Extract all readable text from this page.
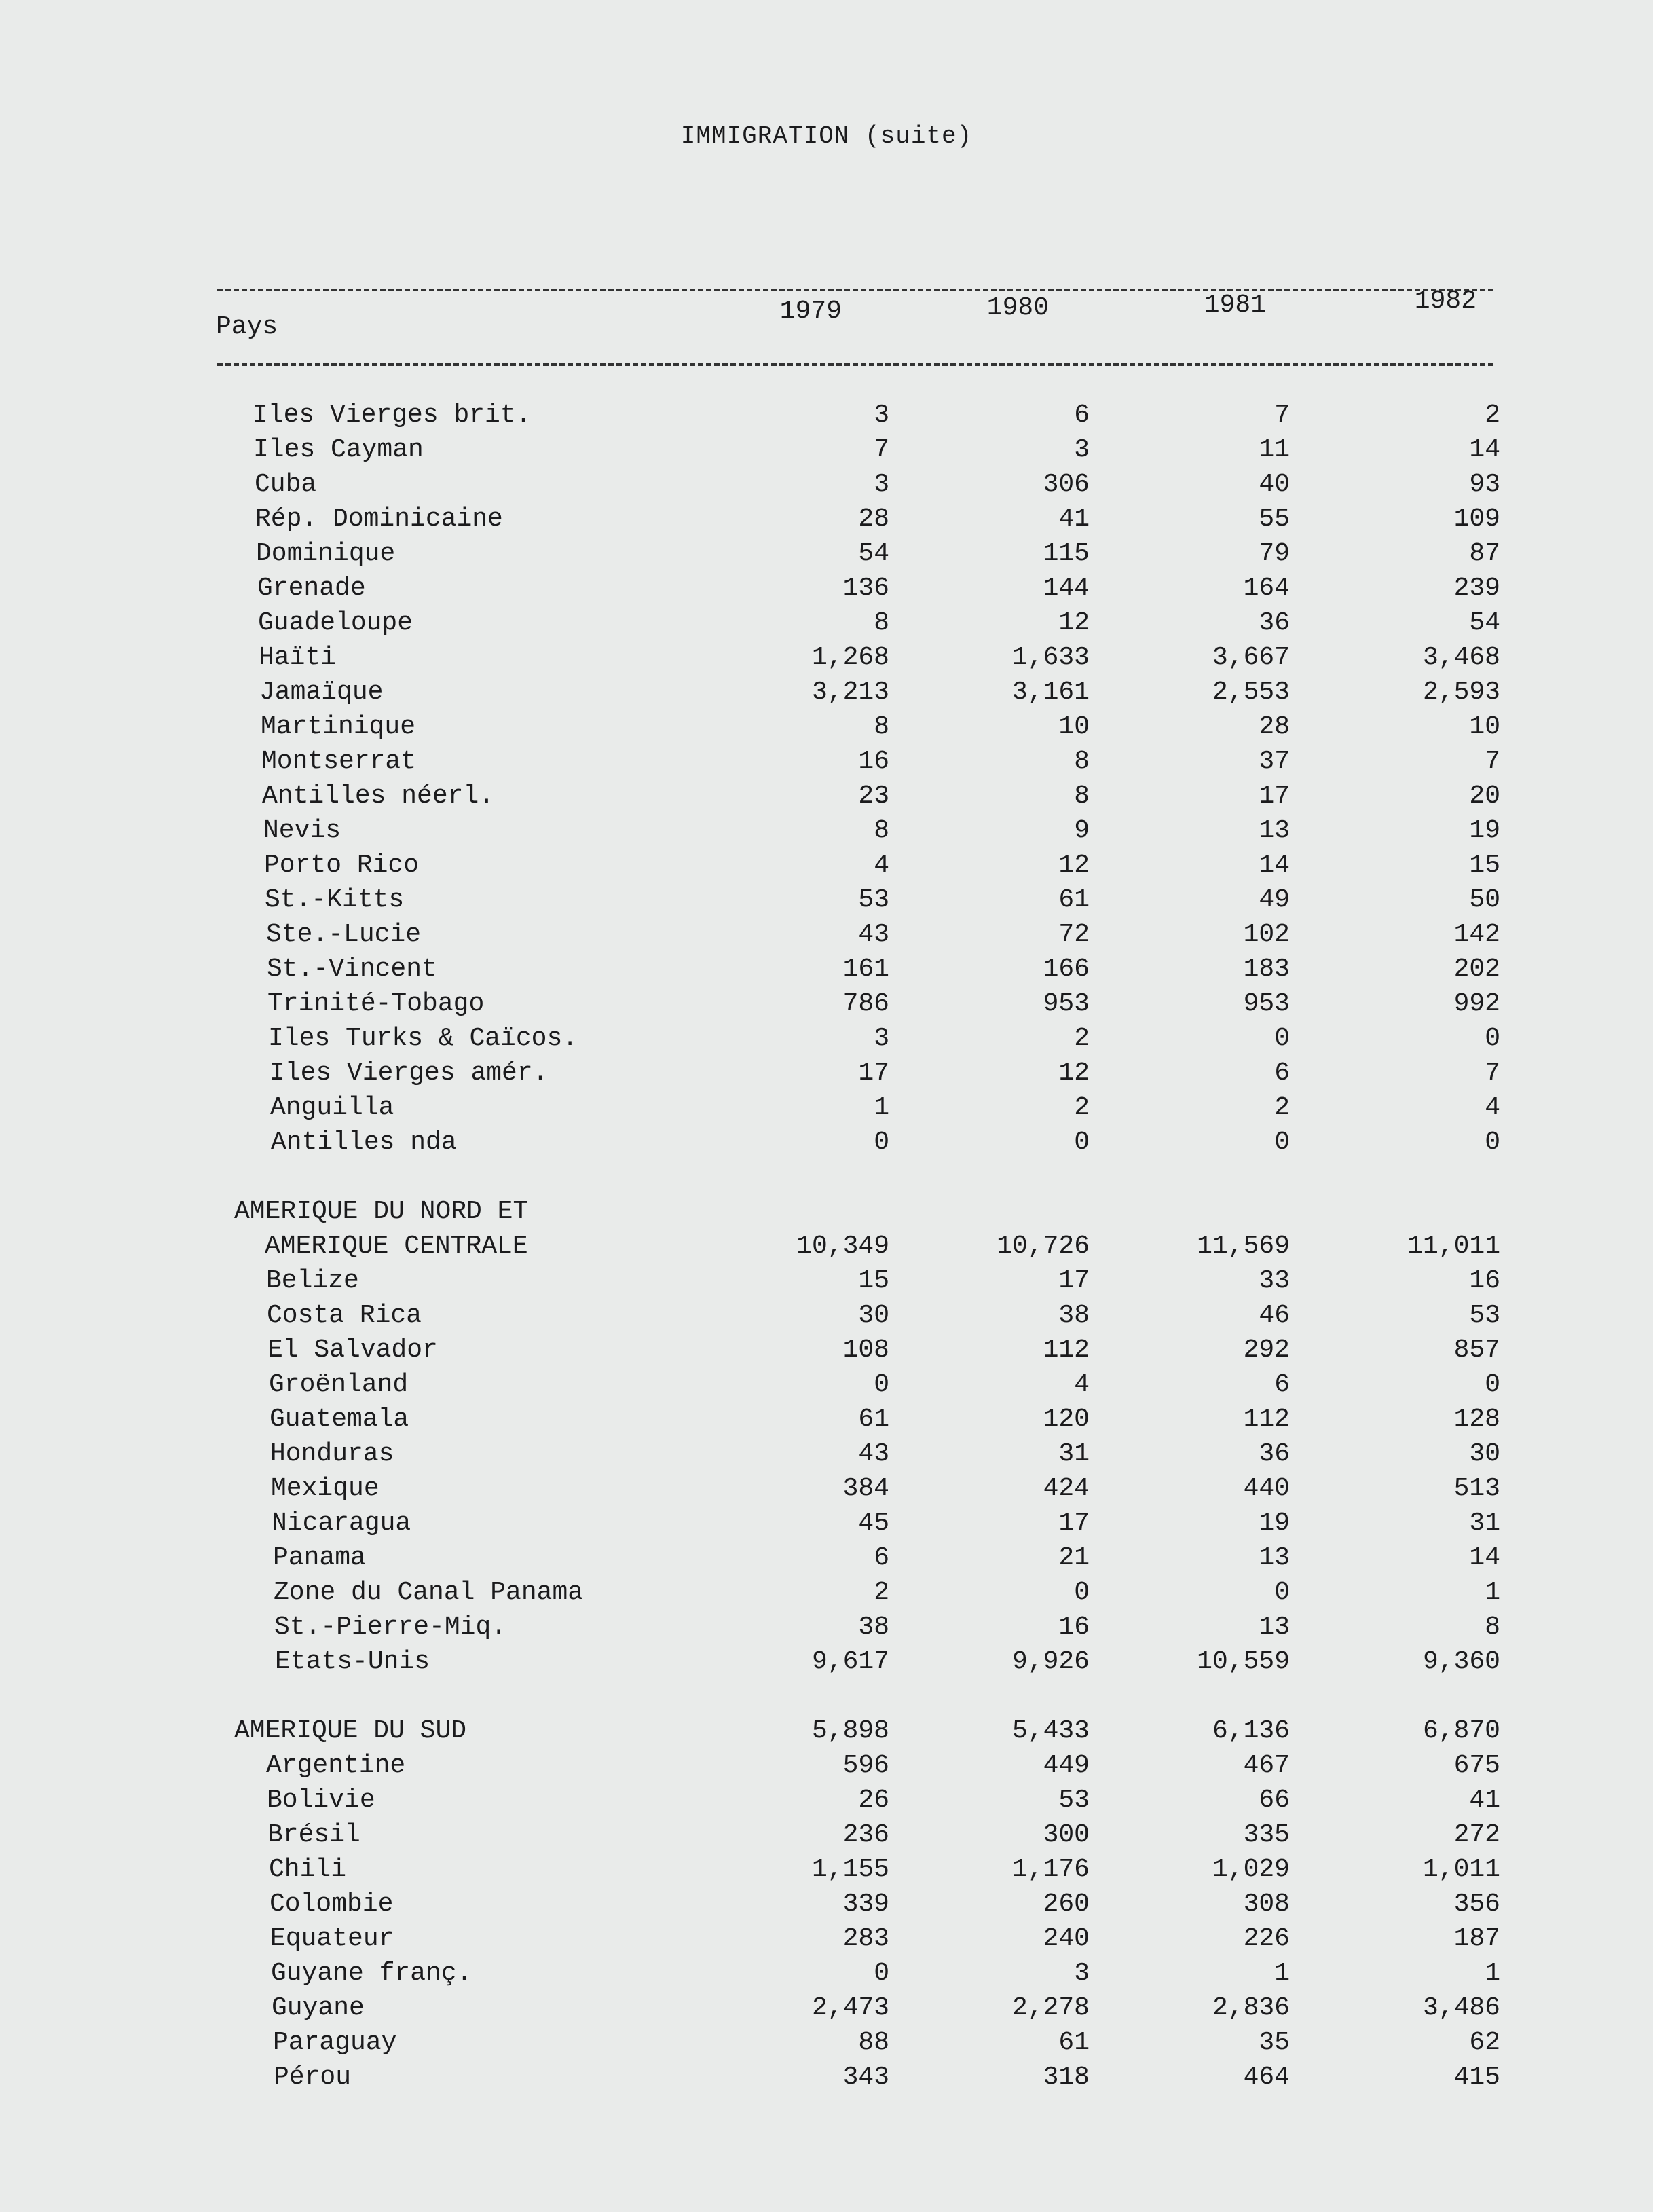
IMMIGRATION (suite)
Pays
1979	1980	1981	1982
Iles Vierges brit.	3	6	7	2
Iles Cayman	7	3	11	14
Cuba	3	306	40	93
Rép. Dominicaine	28	41	55	109
Dominique	54	115	79	87
Grenade	136	144	164	239
Guadeloupe	8	12	36	54
Haïti	1,268	1,633	3,667	3,468
Jamaïque	3,213	3,161	2,553	2,593
Martinique	8	10	28	10
Montserrat	16	8	37	7
Antilles néerl.	23	8	17	20
Nevis	8	9	13	19
Porto Rico	4	12	14	15
St.-Kitts	53	61	49	50
Ste.-Lucie	43	72	102	142
St.-Vincent	161	166	183	202
Trinité-Tobago	786	953	953	992
Iles Turks & Caïcos.	3	2	0	0
Iles Vierges amér.	17	12	6	7
Anguilla	1	2	2	4
Antilles nda	0	0	0	0
AMERIQUE DU NORD ET
AMERIQUE CENTRALE	10,349	10,726	11,569	11,011
Belize	15	17	33	16
Costa Rica	30	38	46	53
El Salvador	108	112	292	857
Groënland	0	4	6	0
Guatemala	61	120	112	128
Honduras	43	31	36	30
Mexique	384	424	440	513
Nicaragua	45	17	19	31
Panama	6	21	13	14
Zone du Canal Panama	2	0	0	1
St.-Pierre-Miq.	38	16	13	8
Etats-Unis	9,617	9,926	10,559	9,360
AMERIQUE DU SUD	5,898	5,433	6,136	6,870
Argentine	596	449	467	675
Bolivie	26	53	66	41
Brésil	236	300	335	272
Chili	1,155	1,176	1,029	1,011
Colombie	339	260	308	356
Equateur	283	240	226	187
Guyane franç.	0	3	1	1
Guyane	2,473	2,278	2,836	3,486
Paraguay	88	61	35	62
Pérou	343	318	464	415
